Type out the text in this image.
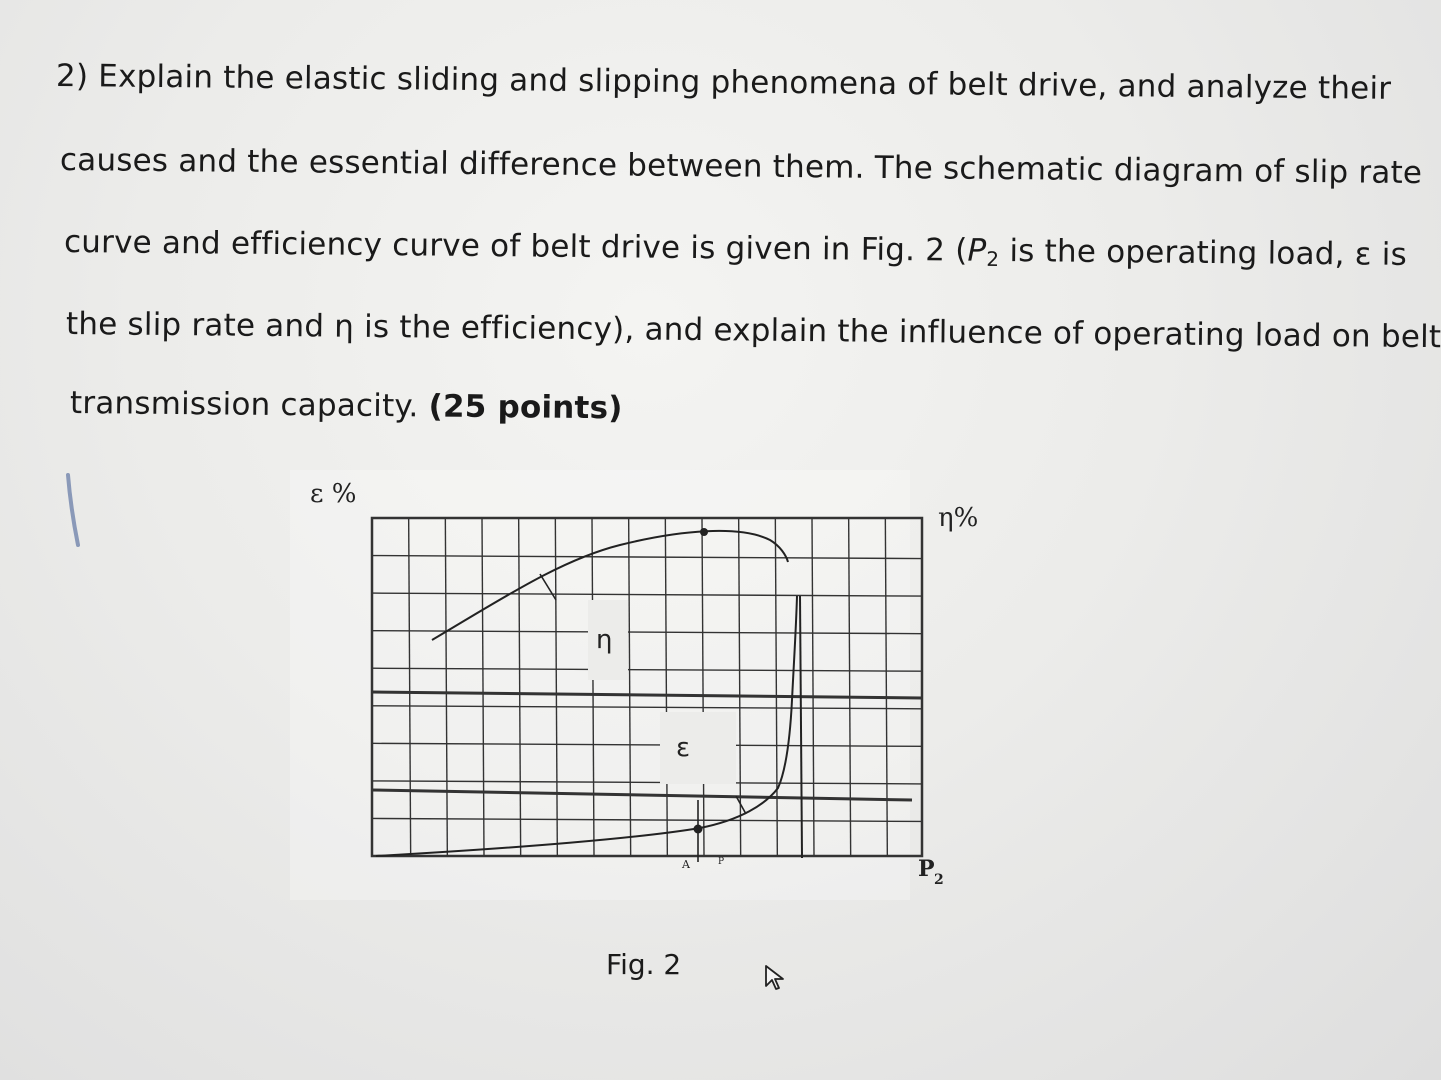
2) Explain the elastic sliding and slipping phenomena of belt drive, and analyze their
causes and the essential difference between them. The schematic diagram of slip rate
curve and efficiency curve of belt drive is given in Fig. 2 ($P_2$ is the operating load, ε is
the slip rate and η is the efficiency), and explain the influence of operating load on belt
transmission capacity. (25 points)
ε %
η%
η
ε
A	P	P 2
Fig. 2
